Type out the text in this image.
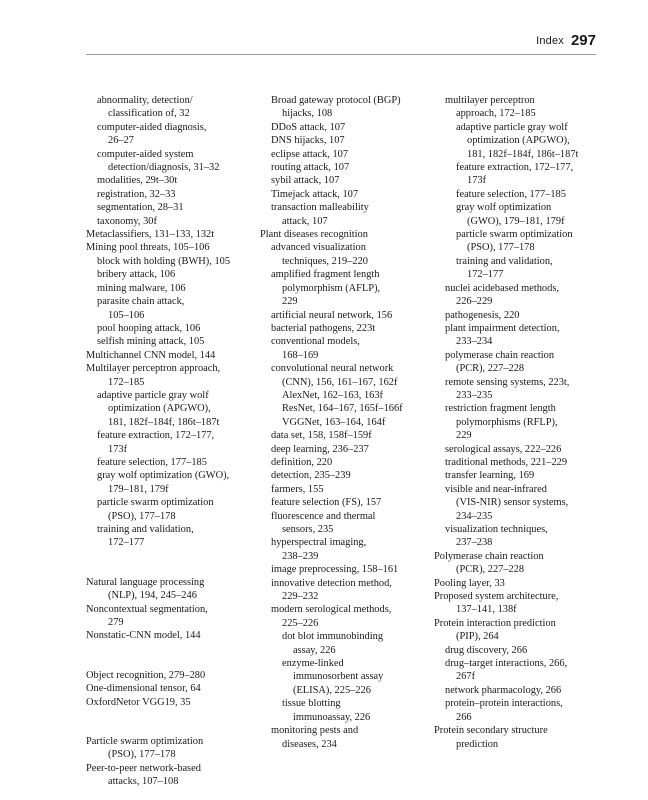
Index 297
abnormality, detection/
classification of, 32
computer-aided diagnosis,
26–27
computer-aided system
detection/diagnosis, 31–32
modalities, 29t–30t
registration, 32–33
segmentation, 28–31
taxonomy, 30f
Metaclassifiers, 131–133, 132t
Mining pool threats, 105–106
block with holding (BWH), 105
bribery attack, 106
mining malware, 106
parasite chain attack,
105–106
pool hooping attack, 106
selfish mining attack, 105
Multichannel CNN model, 144
Multilayer perceptron approach,
172–185
adaptive particle gray wolf
optimization (APGWO),
181, 182f–184f, 186t–187t
feature extraction, 172–177,
173f
feature selection, 177–185
gray wolf optimization (GWO),
179–181, 179f
particle swarm optimization
(PSO), 177–178
training and validation,
172–177
Natural language processing
(NLP), 194, 245–246
Noncontextual segmentation,
279
Nonstatic-CNN model, 144
Object recognition, 279–280
One-dimensional tensor, 64
OxfordNetor VGG19, 35
Particle swarm optimization
(PSO), 177–178
Peer-to-peer network-based
attacks, 107–108
Broad gateway protocol (BGP)
hijacks, 108
DDoS attack, 107
DNS hijacks, 107
eclipse attack, 107
routing attack, 107
sybil attack, 107
Timejack attack, 107
transaction malleability
attack, 107
Plant diseases recognition
advanced visualization
techniques, 219–220
amplified fragment length
polymorphism (AFLP),
229
artificial neural network, 156
bacterial pathogens, 223t
conventional models,
168–169
convolutional neural network
(CNN), 156, 161–167, 162f
AlexNet, 162–163, 163f
ResNet, 164–167, 165f–166f
VGGNet, 163–164, 164f
data set, 158, 158f–159f
deep learning, 236–237
definition, 220
detection, 235–239
farmers, 155
feature selection (FS), 157
fluorescence and thermal
sensors, 235
hyperspectral imaging,
238–239
image preprocessing, 158–161
innovative detection method,
229–232
modern serological methods,
225–226
dot blot immunobinding
assay, 226
enzyme-linked
immunosorbent assay
(ELISA), 225–226
tissue blotting
immunoassay, 226
monitoring pests and
diseases, 234
multilayer perceptron
approach, 172–185
adaptive particle gray wolf
optimization (APGWO),
181, 182f–184f, 186t–187t
feature extraction, 172–177,
173f
feature selection, 177–185
gray wolf optimization
(GWO), 179–181, 179f
particle swarm optimization
(PSO), 177–178
training and validation,
172–177
nuclei acidebased methods,
226–229
pathogenesis, 220
plant impairment detection,
233–234
polymerase chain reaction
(PCR), 227–228
remote sensing systems, 223t,
233–235
restriction fragment length
polymorphisms (RFLP),
229
serological assays, 222–226
traditional methods, 221–229
transfer learning, 169
visible and near-infrared
(VIS-NIR) sensor systems,
234–235
visualization techniques,
237–238
Polymerase chain reaction
(PCR), 227–228
Pooling layer, 33
Proposed system architecture,
137–141, 138f
Protein interaction prediction
(PIP), 264
drug discovery, 266
drug–target interactions, 266,
267f
network pharmacology, 266
protein–protein interactions,
266
Protein secondary structure
prediction
